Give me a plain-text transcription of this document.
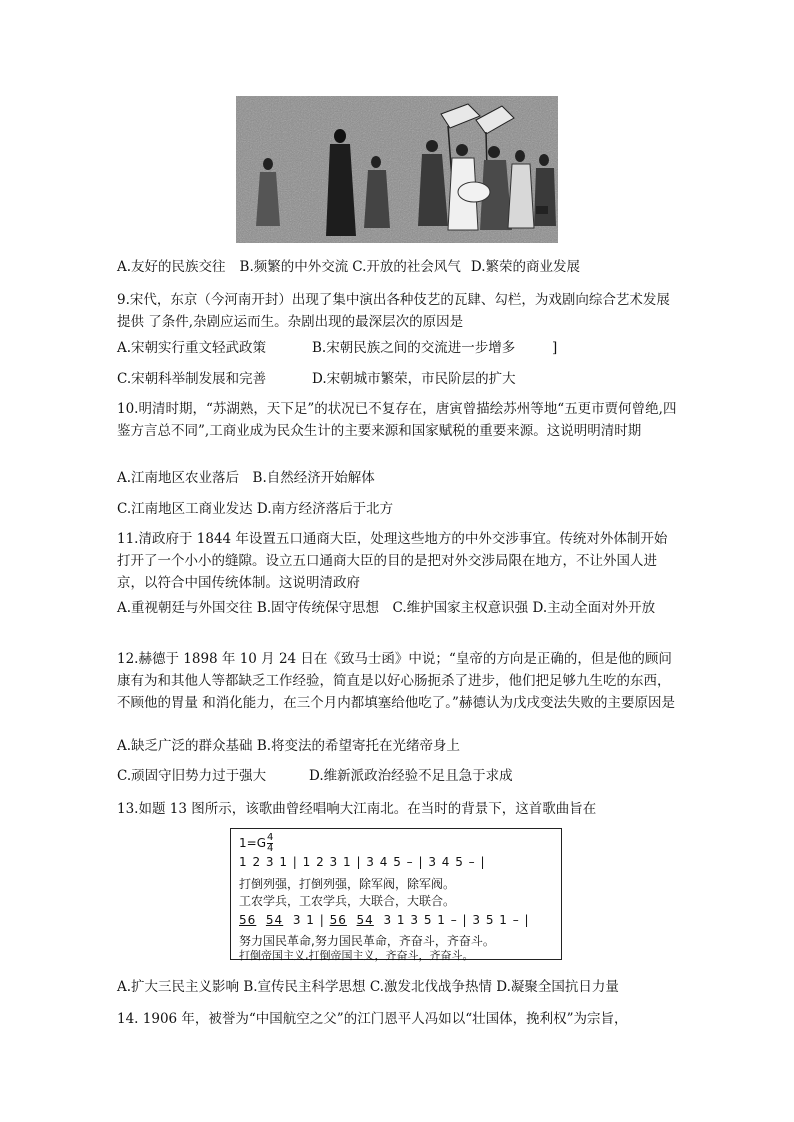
A.友好的民族交往 B.频繁的中外交流 C.开放的社会风气 D.繁荣的商业发展
9.宋代，东京（今河南开封）出现了集中演出各种伎艺的瓦肆、勾栏，为戏剧向综合艺术发展提供 了条件,杂剧应运而生。杂剧出现的最深层次的原因是
A.宋朝实行重文轻武政策	B.宋朝民族之间的交流进一步增多	]
C.宋朝科举制发展和完善	D.宋朝城市繁荣，市民阶层的扩大
10.明清时期，“苏湖熟，天下足”的状况已不复存在，唐寅曾描绘苏州等地“五更市贾何曾绝,四鉴方言总不同”,工商业成为民众生计的主要来源和国家赋税的重要来源。这说明明清时期
A.江南地区农业落后　B.自然经济开始解体
C.江南地区工商业发达 D.南方经济落后于北方
11.清政府于 1844 年设置五口通商大臣，处理这些地方的中外交涉事宜。传统对外体制开始打开了一个小小的缝隙。设立五口通商大臣的目的是把对外交涉局限在地方，不让外国人进京，以符合中国传统体制。这说明清政府
A.重视朝廷与外国交往 B.固守传统保守思想　C.维护国家主权意识强 D.主动全面对外开放
12.赫德于 1898 年 10 月 24 日在《致马士函》中说；“皇帝的方向是正确的，但是他的顾问康有为和其他人等都缺乏工作经验，简直是以好心肠扼杀了进步，他们把足够九生吃的东西，不顾他的胃量 和消化能力，在三个月内都填塞给他吃了。”赫德认为戊戌变法失败的主要原因是
A.缺乏广泛的群众基础 B.将变法的希望寄托在光绪帝身上
C.顽固守旧势力过于强大	D.维新派政治经验不足且急于求成
13.如题 13 图所示，该歌曲曾经唱响大江南北。在当时的背景下，这首歌曲旨在
$1=G \frac{4}{4}$
1 2 3 1 | 1 2 3 1 | 3 4 5 – | 3 4 5 – |
打倒列强，打倒列强，除军阀，除军阀。
工农学兵，工农学兵，大联合，大联合。
56 54 3 1 | 56 54 3 1 3 5 1 – | 3 5 1 – |
努力国民革命,努力国民革命，齐奋斗，齐奋斗。
打倒帝国主义,打倒帝国主义，齐奋斗，齐奋斗。
A.扩大三民主义影响 B.宣传民主科学思想 C.激发北伐战争热情 D.凝聚全国抗日力量
14. 1906 年，被誉为“中国航空之父”的江门恩平人冯如以“壮国体，挽利权”为宗旨，
